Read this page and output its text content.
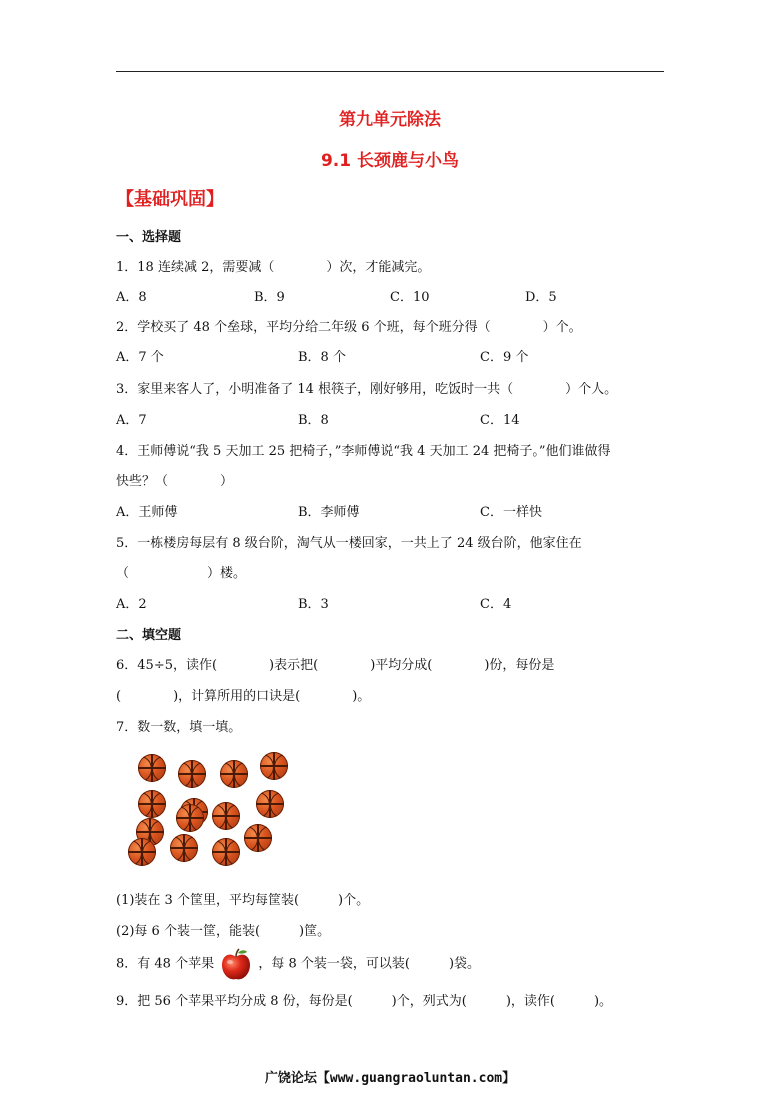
第九单元除法
9.1 长颈鹿与小鸟
【基础巩固】
一、选择题
1．18 连续减 2，需要减（　　　　）次，才能减完。
A．8	B．9	C．10	D．5
2．学校买了 48 个垒球，平均分给二年级 6 个班，每个班分得（　　　　）个。
A．7 个	B．8 个	C．9 个
3．家里来客人了，小明准备了 14 根筷子，刚好够用，吃饭时一共（　　　　）个人。
A．7	B．8	C．14
4．王师傅说“我 5 天加工 25 把椅子，”李师傅说“我 4 天加工 24 把椅子。”他们谁做得
快些？（　　　　）
A．王师傅	B．李师傅	C．一样快
5．一栋楼房每层有 8 级台阶，淘气从一楼回家，一共上了 24 级台阶，他家住在
（　　　　　　）楼。
A．2	B．3	C．4
二、填空题
6．45÷5，读作(　　　　)表示把(　　　　)平均分成(　　　　)份，每份是
(　　　　)，计算所用的口诀是(　　　　)。
7．数一数，填一填。
(1)装在 3 个筐里，平均每筐装(　　　)个。
(2)每 6 个装一筐，能装(　　　)筐。
8．有 48 个苹果	，每 8 个装一袋，可以装(　　　)袋。
9．把 56 个苹果平均分成 8 份，每份是(　　　)个，列式为(　　　)，读作(　　　)。
广饶论坛【www.guangraoluntan.com】
